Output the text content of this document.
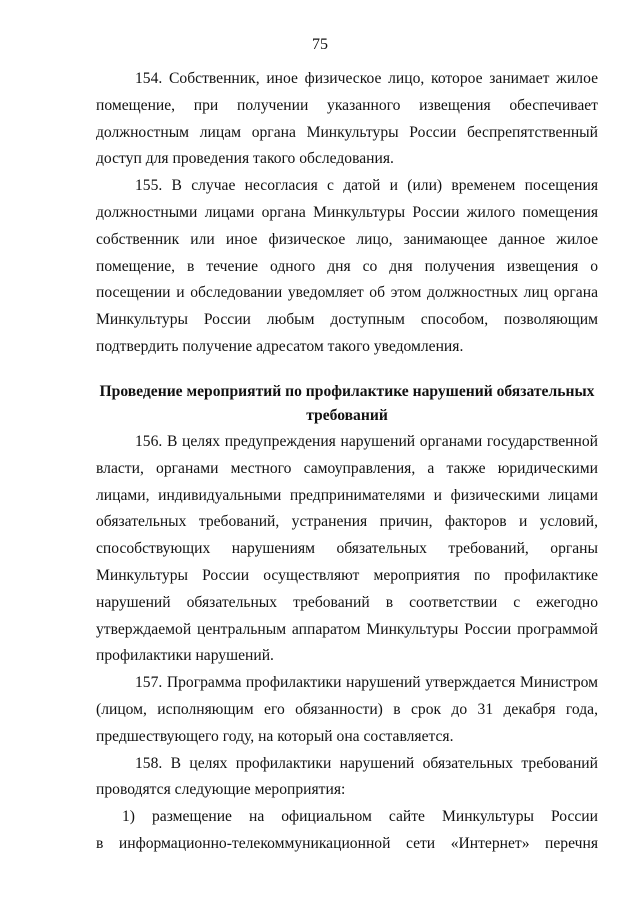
75

154. Собственник, иное физическое лицо, которое занимает жилое помещение, при получении указанного извещения обеспечивает должностным лицам органа Минкультуры России беспрепятственный доступ для проведения такого обследования.

155. В случае несогласия с датой и (или) временем посещения должностными лицами органа Минкультуры России жилого помещения собственник или иное физическое лицо, занимающее данное жилое помещение, в течение одного дня со дня получения извещения о посещении и обследовании уведомляет об этом должностных лиц органа Минкультуры России любым доступным способом, позволяющим подтвердить получение адресатом такого уведомления.

Проведение мероприятий по профилактике нарушений обязательных
требований

156. В целях предупреждения нарушений органами государственной власти, органами местного самоуправления, а также юридическими лицами, индивидуальными предпринимателями и физическими лицами обязательных требований, устранения причин, факторов и условий, способствующих нарушениям обязательных требований, органы Минкультуры России осуществляют мероприятия по профилактике нарушений обязательных требований в соответствии с ежегодно утверждаемой центральным аппаратом Минкультуры России программой профилактики нарушений.

157. Программа профилактики нарушений утверждается Министром (лицом, исполняющим его обязанности) в срок до 31 декабря года, предшествующего году, на который она составляется.

158. В целях профилактики нарушений обязательных требований проводятся следующие мероприятия:

1) размещение на официальном сайте Минкультуры России
в информационно-телекоммуникационной сети «Интернет» перечня
